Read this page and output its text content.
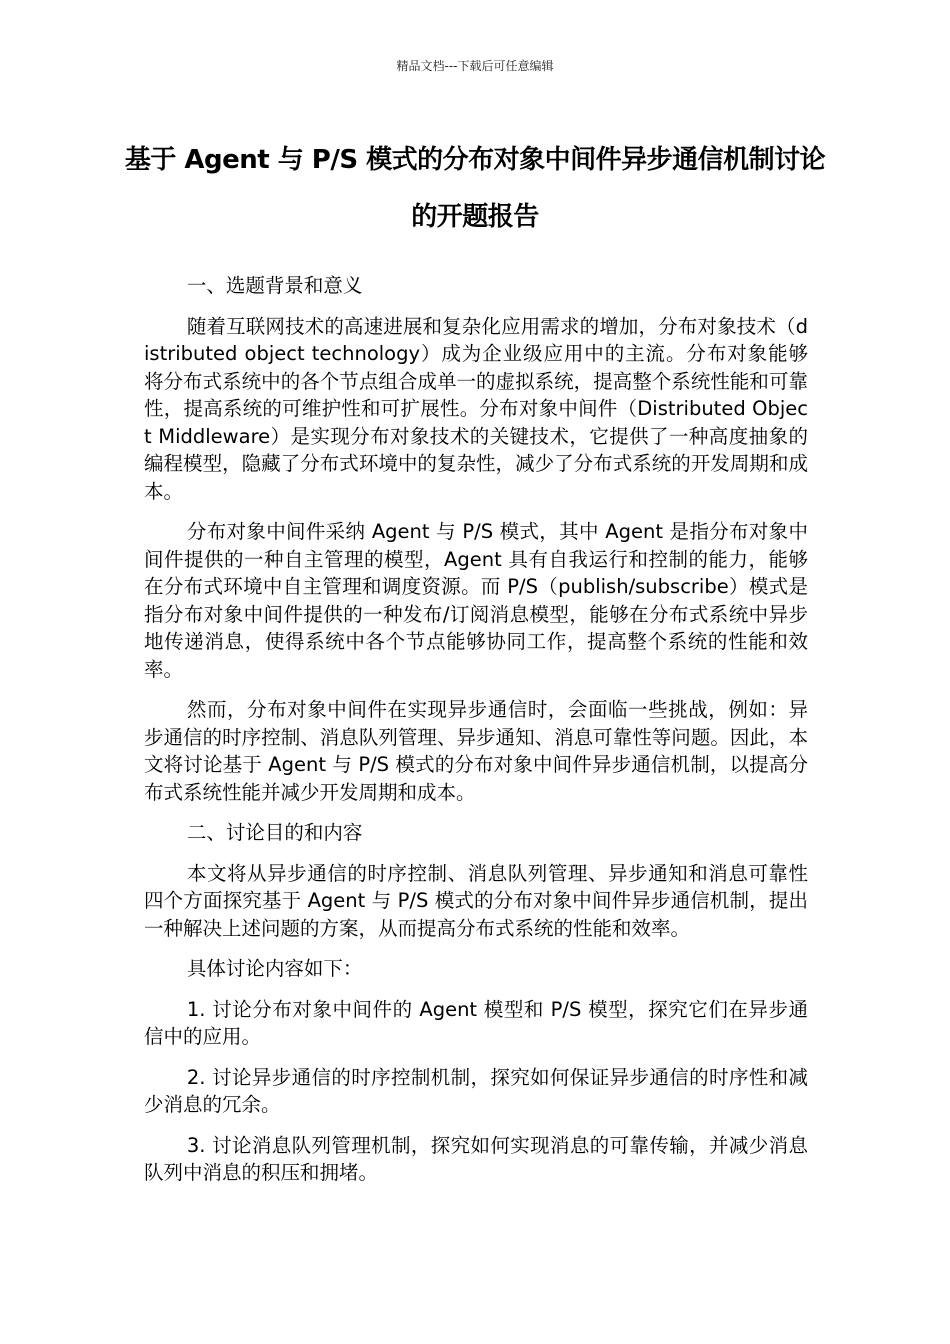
精品文档---下载后可任意编辑
基于 Agent 与 P/S 模式的分布对象中间件异步通信机制讨论的开题报告

一、选题背景和意义

随着互联网技术的高速进展和复杂化应用需求的增加，分布对象技术（distributed object technology）成为企业级应用中的主流。分布对象能够将分布式系统中的各个节点组合成单一的虚拟系统，提高整个系统性能和可靠性，提高系统的可维护性和可扩展性。分布对象中间件（Distributed Object Middleware）是实现分布对象技术的关键技术，它提供了一种高度抽象的编程模型，隐藏了分布式环境中的复杂性，减少了分布式系统的开发周期和成本。

分布对象中间件采纳 Agent 与 P/S 模式，其中 Agent 是指分布对象中间件提供的一种自主管理的模型，Agent 具有自我运行和控制的能力，能够在分布式环境中自主管理和调度资源。而 P/S（publish/subscribe）模式是指分布对象中间件提供的一种发布/订阅消息模型，能够在分布式系统中异步地传递消息，使得系统中各个节点能够协同工作，提高整个系统的性能和效率。

然而，分布对象中间件在实现异步通信时，会面临一些挑战，例如：异步通信的时序控制、消息队列管理、异步通知、消息可靠性等问题。因此，本文将讨论基于 Agent 与 P/S 模式的分布对象中间件异步通信机制，以提高分布式系统性能并减少开发周期和成本。

二、讨论目的和内容

本文将从异步通信的时序控制、消息队列管理、异步通知和消息可靠性四个方面探究基于 Agent 与 P/S 模式的分布对象中间件异步通信机制，提出一种解决上述问题的方案，从而提高分布式系统的性能和效率。

具体讨论内容如下：

1. 讨论分布对象中间件的 Agent 模型和 P/S 模型，探究它们在异步通信中的应用。

2. 讨论异步通信的时序控制机制，探究如何保证异步通信的时序性和减少消息的冗余。

3. 讨论消息队列管理机制，探究如何实现消息的可靠传输，并减少消息队列中消息的积压和拥堵。
